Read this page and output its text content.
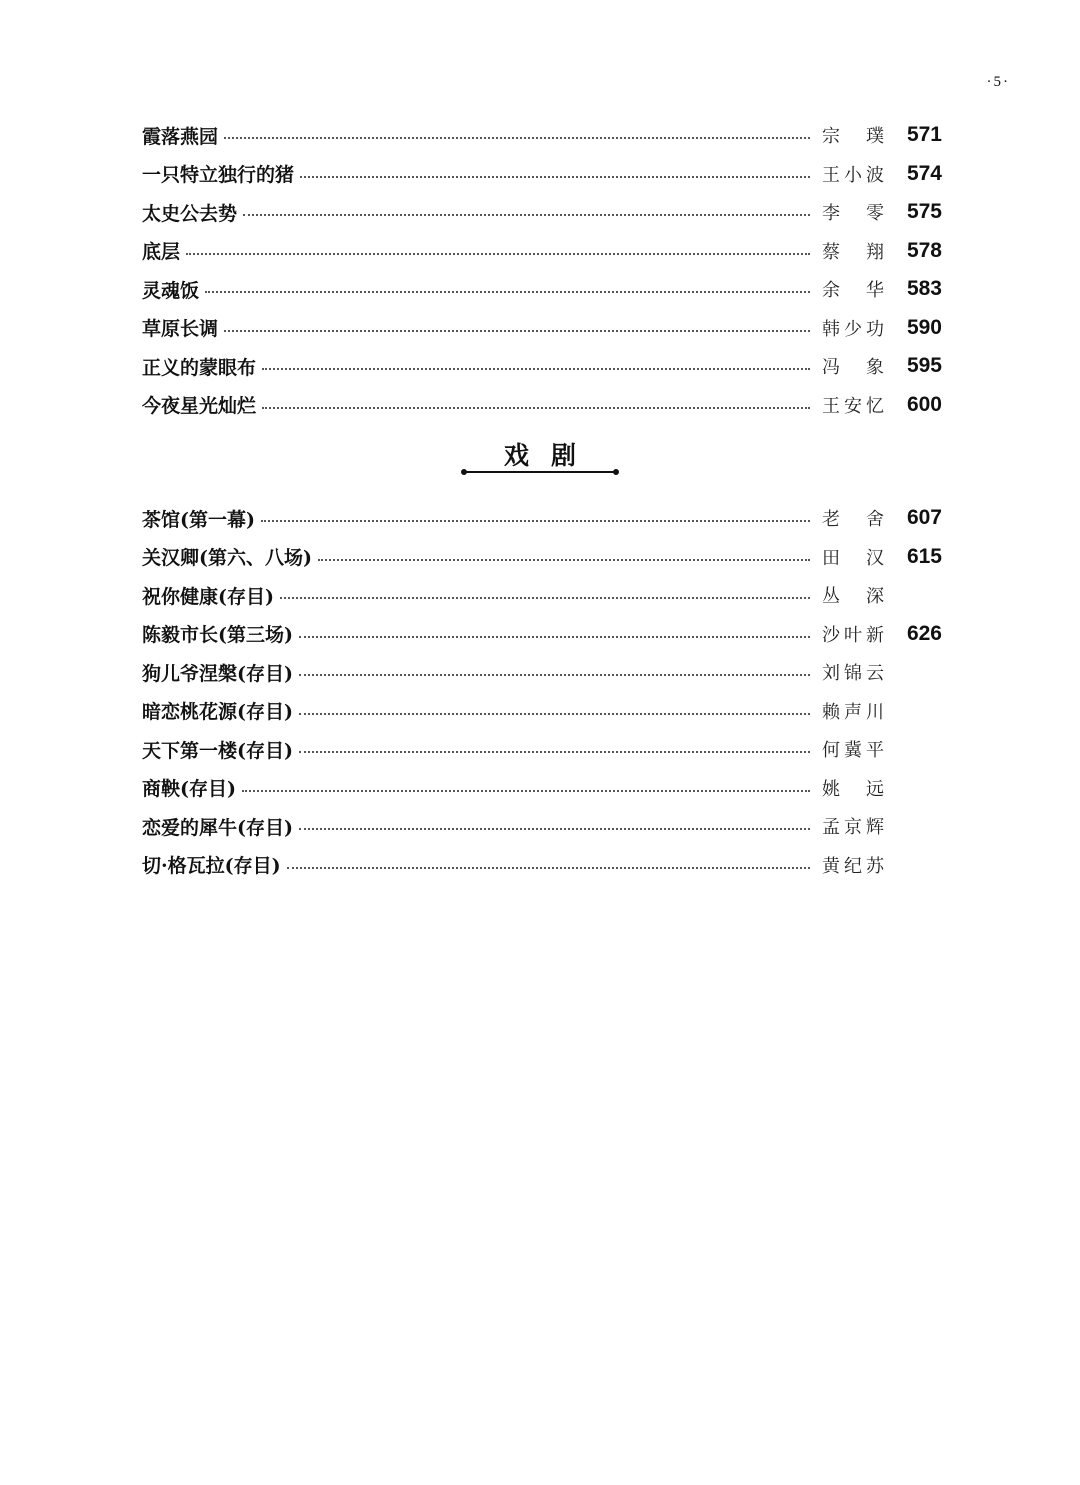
·5·
霞落燕园	宗璞	571
一只特立独行的猪	王小波	574
太史公去势	李零	575
底层	蔡翔	578
灵魂饭	余华	583
草原长调	韩少功	590
正义的蒙眼布	冯象	595
今夜星光灿烂	王安忆	600
戏剧
茶馆(第一幕)	老舍	607
关汉卿(第六、八场)	田汉	615
祝你健康(存目)	丛深
陈毅市长(第三场)	沙叶新	626
狗儿爷涅槃(存目)	刘锦云
暗恋桃花源(存目)	赖声川
天下第一楼(存目)	何冀平
商鞅(存目)	姚远
恋爱的犀牛(存目)	孟京辉
切·格瓦拉(存目)	黄纪苏
